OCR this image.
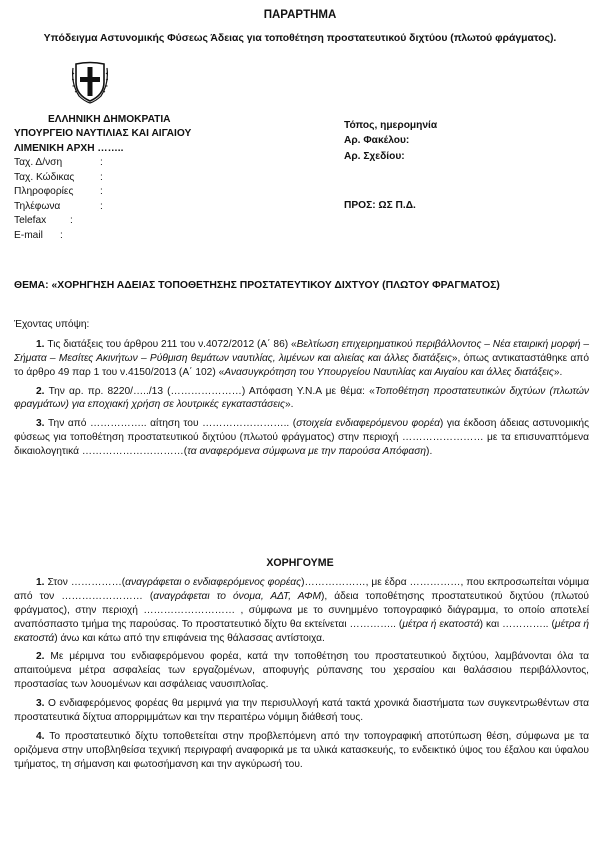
ΠΑΡΑΡΤΗΜΑ
Υπόδειγμα Αστυνομικής Φύσεως Άδειας για τοποθέτηση προστατευτικού διχτύου (πλωτού φράγματος).
ΕΛΛΗΝΙΚΗ ΔΗΜΟΚΡΑΤΙΑ
ΥΠΟΥΡΓΕΙΟ ΝΑΥΤΙΛΙΑΣ ΚΑΙ ΑΙΓΑΙΟΥ
ΛΙΜΕΝΙΚΗ ΑΡΧΗ ……..
Ταχ. Δ/νση	:
Ταχ. Κώδικας	:
Πληροφορίες	:
Τηλέφωνα	:
Telefax	:
E-mail	:
Τόπος, ημερομηνία
Αρ. Φακέλου:
Αρ. Σχεδίου:
ΠΡΟΣ: ΩΣ Π.Δ.
ΘΕΜΑ: «ΧΟΡΗΓΗΣΗ ΑΔΕΙΑΣ ΤΟΠΟΘΕΤΗΣΗΣ ΠΡΟΣΤΑΤΕΥΤΙΚΟΥ ΔΙΧΤΥΟΥ (ΠΛΩΤΟΥ ΦΡΑΓΜΑΤΟΣ)
Έχοντας υπόψη:
1. Τις διατάξεις του άρθρου 211 του ν.4072/2012 (Α΄ 86) «Βελτίωση επιχειρηματικού περιβάλλοντος – Νέα εταιρική μορφή – Σήματα – Μεσίτες Ακινήτων – Ρύθμιση θεμάτων ναυτιλίας, λιμένων και αλιείας και άλλες διατάξεις», όπως αντικαταστάθηκε από το άρθρο 49 παρ 1 του ν.4150/2013 (Α΄ 102) «Ανασυγκρότηση του Υπουργείου Ναυτιλίας και Αιγαίου και άλλες διατάξεις».
2. Την αρ. πρ. 8220/…../13 (…………………) Απόφαση Υ.Ν.Α με θέμα: «Τοποθέτηση προστατευτικών διχτύων (πλωτών φραγμάτων) για εποχιακή χρήση σε λουτρικές εγκαταστάσεις».
3. Την από …………….. αίτηση του …………………….. (στοιχεία ενδιαφερόμενου φορέα) για έκδοση άδειας αστυνομικής φύσεως για τοποθέτηση προστατευτικού διχτύου (πλωτού φράγματος) στην περιοχή …………………… με τα επισυναπτόμενα δικαιολογητικά …………………………(τα αναφερόμενα σύμφωνα με την παρούσα Απόφαση).
ΧΟΡΗΓΟΥΜΕ
1. Στον ……………(αναγράφεται ο ενδιαφερόμενος φορέας)………………, με έδρα ……………, που εκπροσωπείται νόμιμα από τον …………………… (αναγράφεται το όνομα, ΑΔΤ, ΑΦΜ), άδεια τοποθέτησης προστατευτικού διχτύου (πλωτού φράγματος), στην περιοχή ……………………… , σύμφωνα με το συνημμένο τοπογραφικό διάγραμμα, το οποίο αποτελεί αναπόσπαστο τμήμα της παρούσας. Το προστατευτικό δίχτυ θα εκτείνεται ………….. (μέτρα ή εκατοστά) και ………….. (μέτρα ή εκατοστά) άνω και κάτω από την επιφάνεια της θάλασσας αντίστοιχα.
2. Με μέριμνα του ενδιαφερόμενου φορέα, κατά την τοποθέτηση του προστατευτικού διχτύου, λαμβάνονται όλα τα απαιτούμενα μέτρα ασφαλείας των εργαζομένων, αποφυγής ρύπανσης του χερσαίου και θαλάσσιου περιβάλλοντος, προστασίας των λουομένων και ασφάλειας ναυσιπλοΐας.
3. Ο ενδιαφερόμενος φορέας θα μεριμνά για την περισυλλογή κατά τακτά χρονικά διαστήματα των συγκεντρωθέντων στα προστατευτικά δίχτυα απορριμμάτων και την περαιτέρω νόμιμη διάθεσή τους.
4. Το προστατευτικό δίχτυ τοποθετείται στην προβλεπόμενη από την τοπογραφική αποτύπωση θέση, σύμφωνα με τα οριζόμενα στην υποβληθείσα τεχνική περιγραφή αναφορικά με τα υλικά κατασκευής, το ενδεικτικό ύψος του έξαλου και ύφαλου τμήματος, τη σήμανση και φωτοσήμανση και την αγκύρωσή του.
